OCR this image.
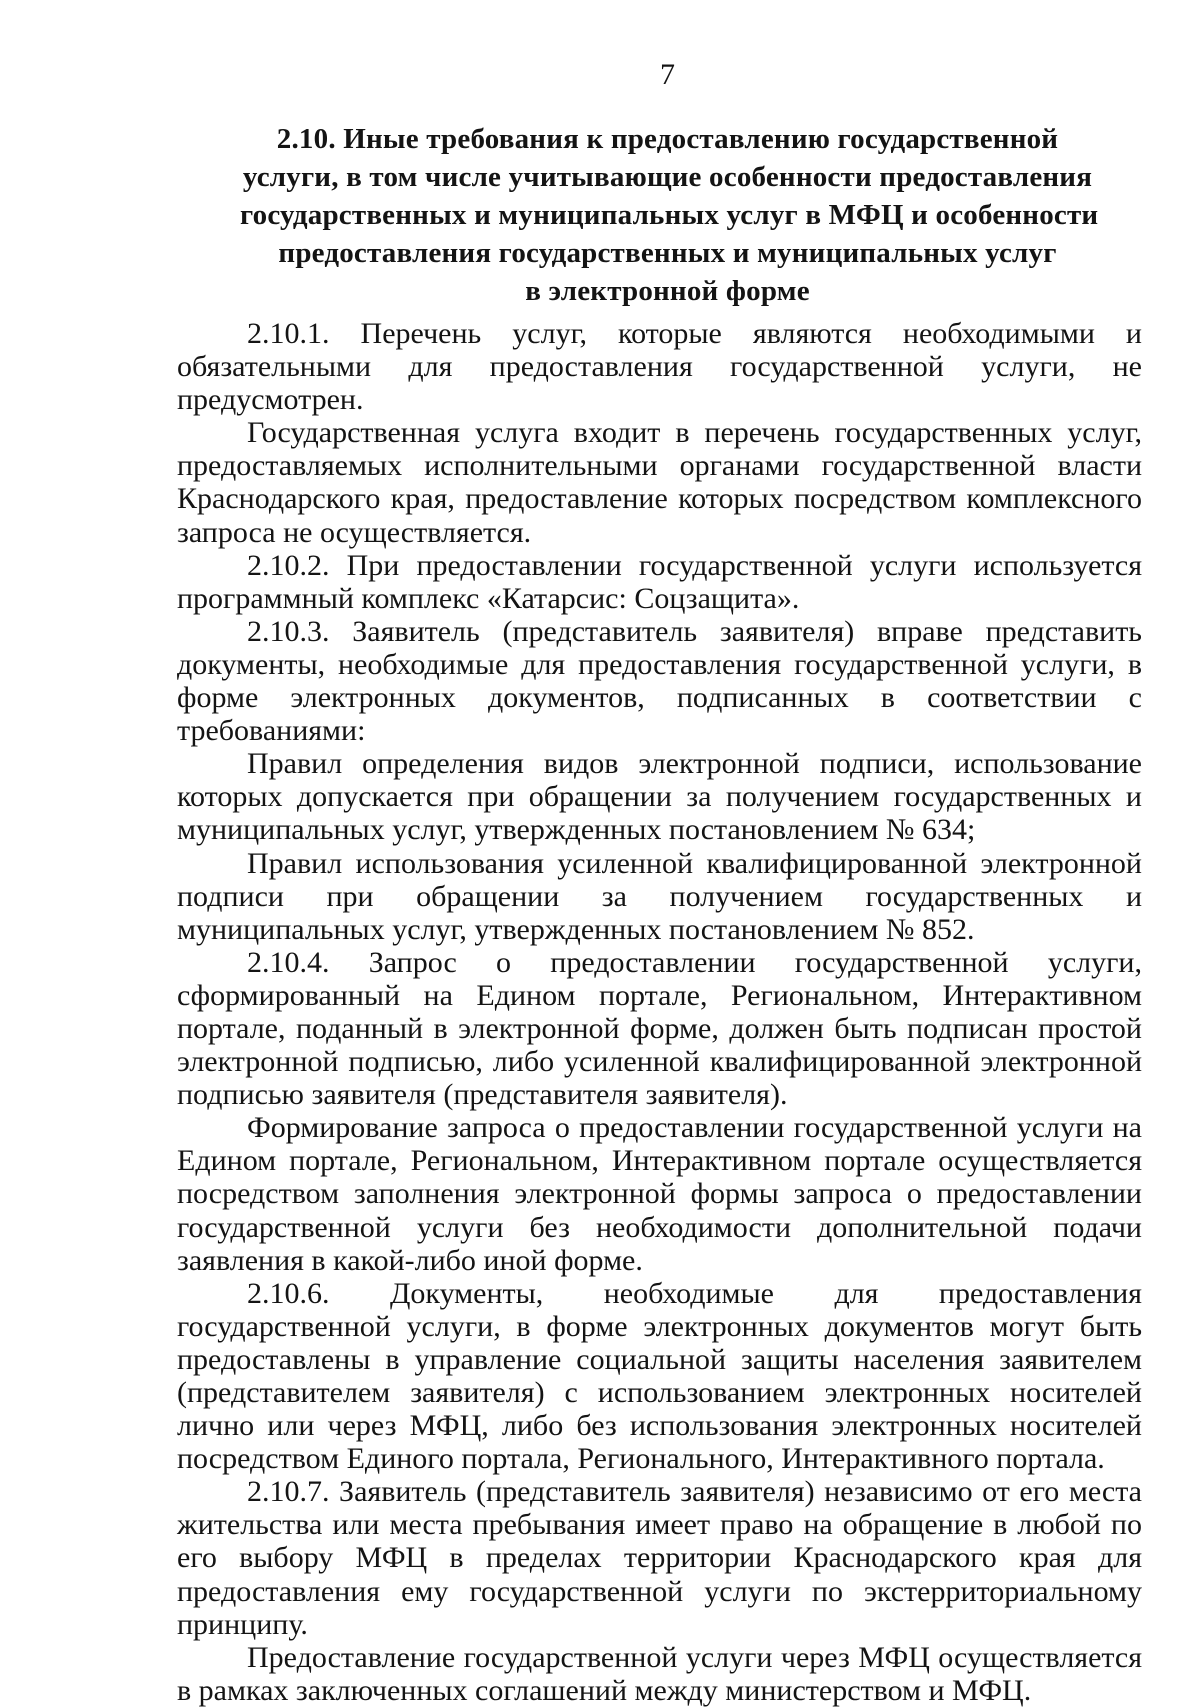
7
2.10. Иные требования к предоставлению государственной
услуги, в том числе учитывающие особенности предоставления
государственных и муниципальных услуг в МФЦ и особенности
предоставления государственных и муниципальных услуг
в электронной форме

2.10.1. Перечень услуг, которые являются необходимыми и обязательными для предоставления государственной услуги, не предусмотрен.

Государственная услуга входит в перечень государственных услуг, предоставляемых исполнительными органами государственной власти Краснодарского края, предоставление которых посредством комплексного запроса не осуществляется.

2.10.2. При предоставлении государственной услуги используется программный комплекс «Катарсис: Соцзащита».

2.10.3. Заявитель (представитель заявителя) вправе представить документы, необходимые для предоставления государственной услуги, в форме электронных документов, подписанных в соответствии с требованиями:

Правил определения видов электронной подписи, использование которых допускается при обращении за получением государственных и муниципальных услуг, утвержденных постановлением № 634;

Правил использования усиленной квалифицированной электронной подписи при обращении за получением государственных и муниципальных услуг, утвержденных постановлением № 852.

2.10.4. Запрос о предоставлении государственной услуги, сформированный на Едином портале, Региональном, Интерактивном портале, поданный в электронной форме, должен быть подписан простой электронной подписью, либо усиленной квалифицированной электронной подписью заявителя (представителя заявителя).

Формирование запроса о предоставлении государственной услуги на Едином портале, Региональном, Интерактивном портале осуществляется посредством заполнения электронной формы запроса о предоставлении государственной услуги без необходимости дополнительной подачи заявления в какой-либо иной форме.

2.10.6. Документы, необходимые для предоставления государственной услуги, в форме электронных документов могут быть предоставлены в управление социальной защиты населения заявителем (представителем заявителя) с использованием электронных носителей лично или через МФЦ, либо без использования электронных носителей посредством Единого портала, Регионального, Интерактивного портала.

2.10.7. Заявитель (представитель заявителя) независимо от его места жительства или места пребывания имеет право на обращение в любой по его выбору МФЦ в пределах территории Краснодарского края для предоставления ему государственной услуги по экстерриториальному принципу.

Предоставление государственной услуги через МФЦ осуществляется в рамках заключенных соглашений между министерством и МФЦ.
